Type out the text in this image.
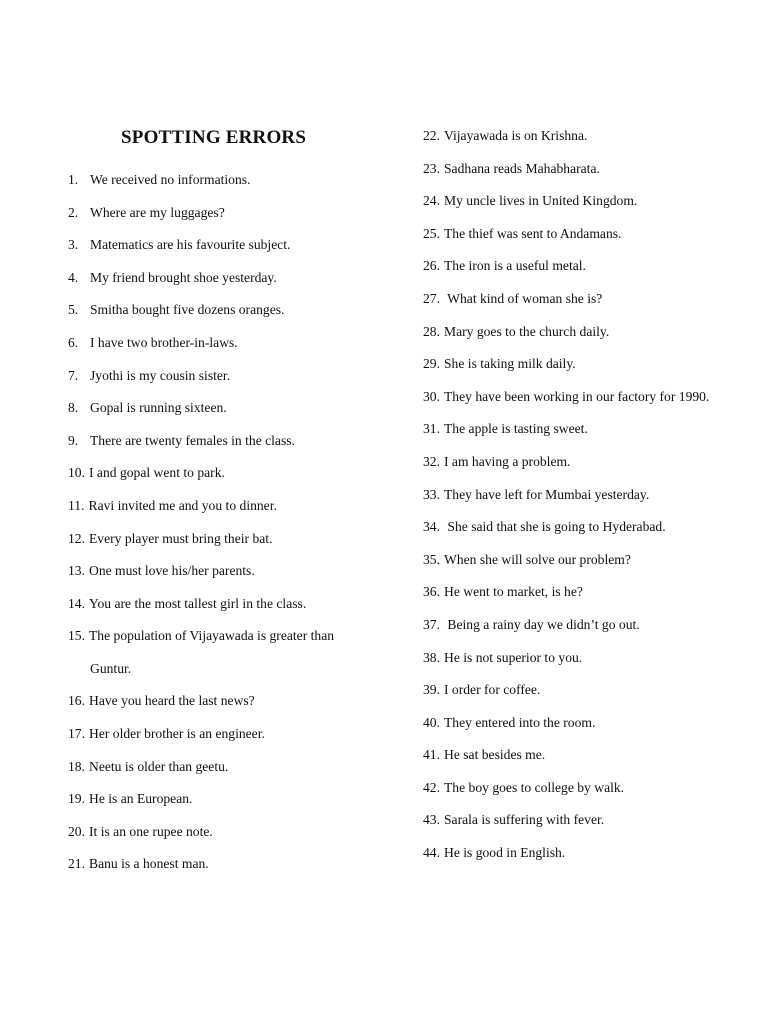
SPOTTING ERRORS
1. We received no informations.
2. Where are my luggages?
3. Matematics are his favourite subject.
4. My friend brought shoe yesterday.
5. Smitha bought five dozens oranges.
6. I have two brother-in-laws.
7. Jyothi is my cousin sister.
8. Gopal is running sixteen.
9. There are twenty females in the class.
10. I and gopal went to park.
11. Ravi invited me and you to dinner.
12. Every player must bring their bat.
13. One must love his/her parents.
14. You are the most tallest girl in the class.
15. The population of Vijayawada is greater than
Guntur.
16. Have you heard the last news?
17. Her older brother is an engineer.
18. Neetu is older than geetu.
19. He is an European.
20. It is an one rupee note.
21. Banu is a honest man.
22. Vijayawada is on Krishna.
23. Sadhana reads Mahabharata.
24. My uncle lives in United Kingdom.
25. The thief was sent to Andamans.
26. The iron is a useful metal.
27. What kind of woman she is?
28. Mary goes to the church daily.
29. She is taking milk daily.
30. They have been working in our factory for 1990.
31. The apple is tasting sweet.
32. I am having a problem.
33. They have left for Mumbai yesterday.
34. She said that she is going to Hyderabad.
35. When she will solve our problem?
36. He went to market, is he?
37. Being a rainy day we didn’t go out.
38. He is not superior to you.
39. I order for coffee.
40. They entered into the room.
41. He sat besides me.
42. The boy goes to college by walk.
43. Sarala is suffering with fever.
44. He is good in English.
